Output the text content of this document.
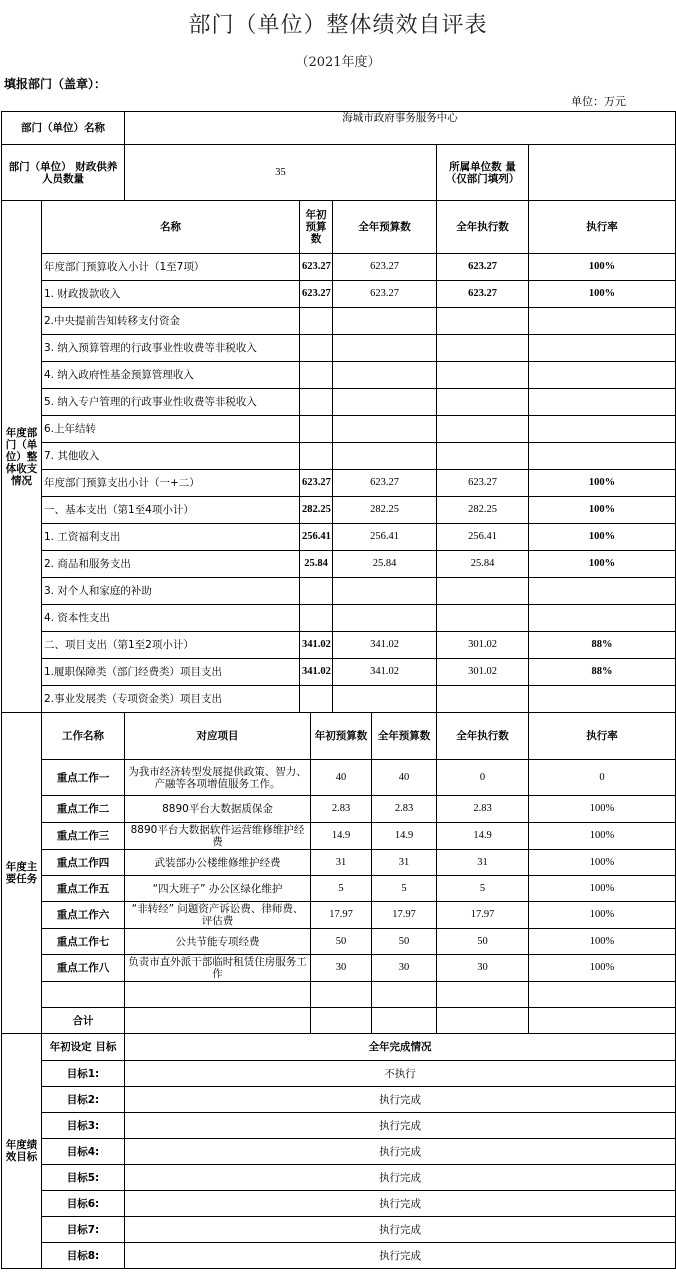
部门（单位）整体绩效自评表
（2021年度）
填报部门（盖章）：
单位：万元
部门（单位）名称		海城市政府事务服务中心						
部门（单位） 财政供养人员数量		35					所属单位数 量（仅部门填列）	
年度部门（单位）整体收支情况	名称		年初预算数		全年预算数		全年执行数	执行率
	年度部门预算收入小计（1至7项）		623.27		623.27		623.27	100%
	1. 财政拨款收入		623.27		623.27		623.27	100%
	2.中央提前告知转移支付资金							
	3. 纳入预算管理的行政事业性收费等非税收入							
	4. 纳入政府性基金预算管理收入							
	5. 纳入专户管理的行政事业性收费等非税收入							
	6.上年结转							
	7. 其他收入							
	年度部门预算支出小计（一+二）		623.27		623.27		623.27	100%
	一、基本支出（第1至4项小计）		282.25		282.25		282.25	100%
	1. 工资福利支出		256.41		256.41		256.41	100%
	2. 商品和服务支出		25.84		25.84		25.84	100%
	3. 对个人和家庭的补助							
	4. 资本性支出							
	二、项目支出（第1至2项小计）		341.02		341.02		301.02	88%
	1.履职保障类（部门经费类）项目支出		341.02		341.02		301.02	88%
	2.事业发展类（专项资金类）项目支出							
年度主要任务	工作名称	对应项目		年初预算数		全年预算数	全年执行数	执行率
	重点工作一	为我市经济转型发展提供政策、智力、产融等各项增值服务工作。		40		40	0	0
	重点工作二	8890平台大数据质保金		2.83		2.83	2.83	100%
	重点工作三	8890平台大数据软件运营维修维护经费		14.9		14.9	14.9	100%
	重点工作四	武装部办公楼维修维护经费		31		31	31	100%
	重点工作五	“四大班子” 办公区绿化维护		5		5	5	100%
	重点工作六	“非转经” 问题资产诉讼费、律师费、评估费		17.97		17.97	17.97	100%
	重点工作七	公共节能专项经费		50		50	50	100%
	重点工作八	负责市直外派干部临时租赁住房服务工作		30		30	30	100%

	合计							
年度绩效目标	年初设定 目标	全年完成情况						
	目标1:	不执行						
	目标2:	执行完成						
	目标3:	执行完成						
	目标4:	执行完成						
	目标5:	执行完成						
	目标6:	执行完成						
	目标7:	执行完成						
	目标8:	执行完成						
